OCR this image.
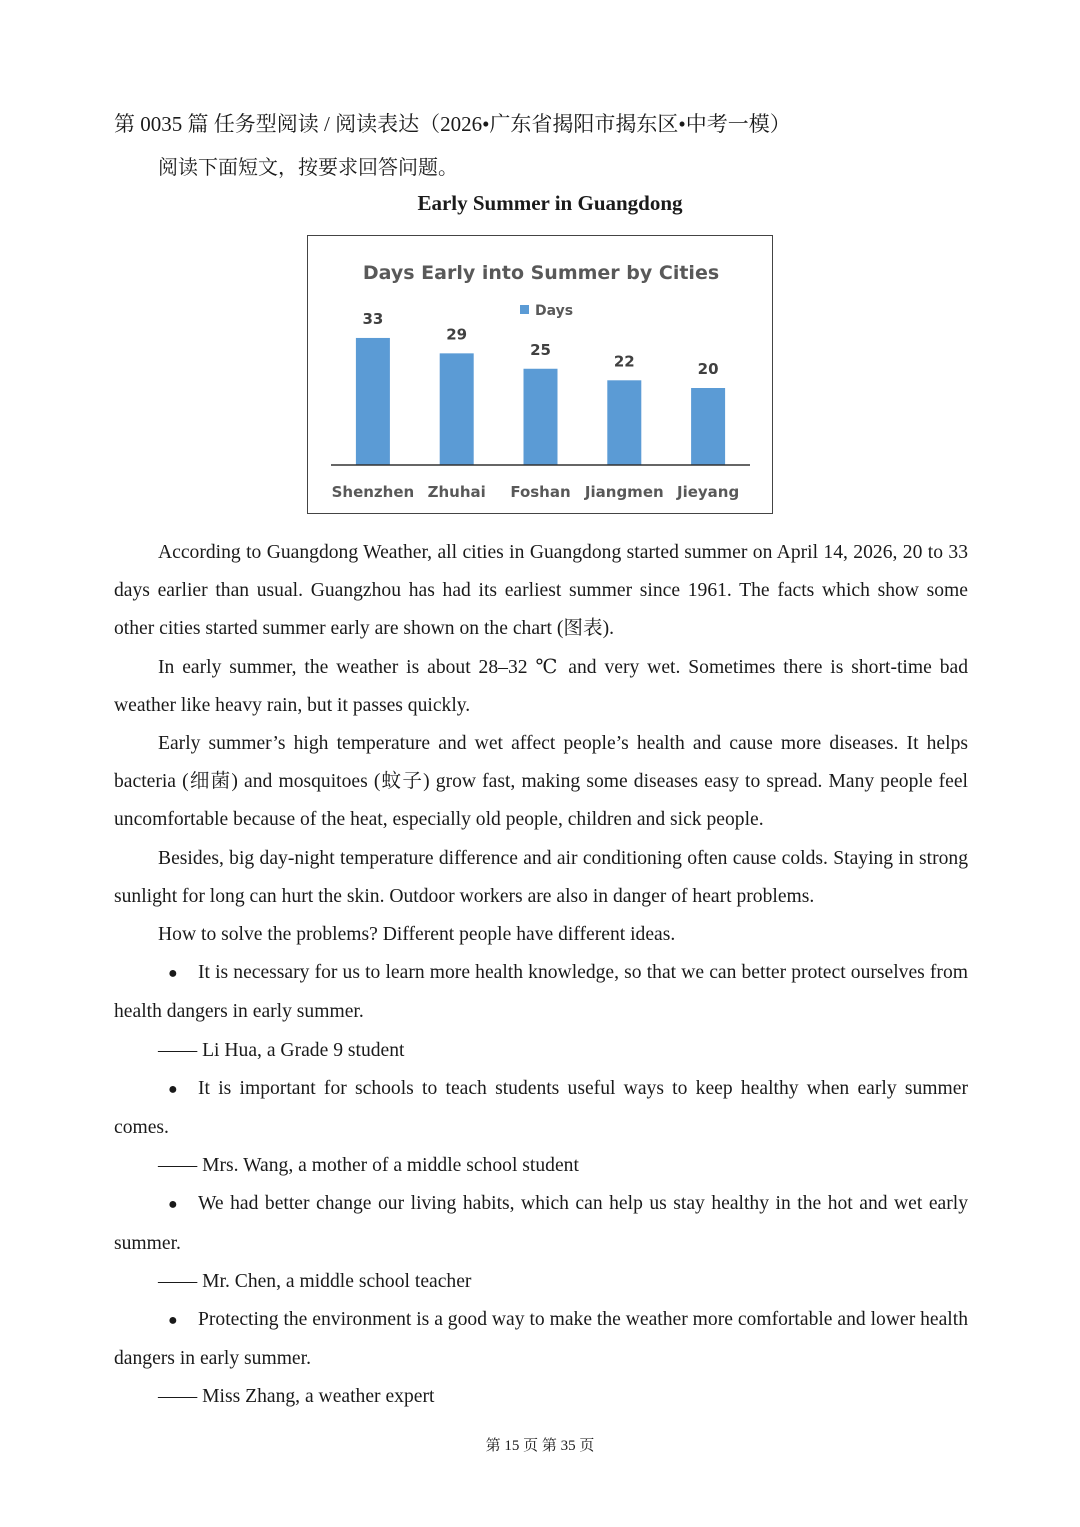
第 0035 篇 任务型阅读 / 阅读表达（2026•广东省揭阳市揭东区•中考一模）
阅读下面短文，按要求回答问题。
Early Summer in Guangdong
Days Early into Summer by Cities
Days
33
Shenzhen
29
Zhuhai
25
Foshan
22
Jiangmen
20
Jieyang

According to Guangdong Weather, all cities in Guangdong started summer on April 14, 2026, 20 to 33 days earlier than usual. Guangzhou has had its earliest summer since 1961. The facts which show some other cities started summer early are shown on the chart (图表).

In early summer, the weather is about 28–32 ℃ and very wet. Sometimes there is short-time bad weather like heavy rain, but it passes quickly.

Early summer’s high temperature and wet affect people’s health and cause more diseases. It helps bacteria (细菌) and mosquitoes (蚊子) grow fast, making some diseases easy to spread. Many people feel uncomfortable because of the heat, especially old people, children and sick people.

Besides, big day-night temperature difference and air conditioning often cause colds. Staying in strong sunlight for long can hurt the skin. Outdoor workers are also in danger of heart problems.

How to solve the problems? Different people have different ideas.

● It is necessary for us to learn more health knowledge, so that we can better protect ourselves from health dangers in early summer.

—— Li Hua, a Grade 9 student

● It is important for schools to teach students useful ways to keep healthy when early summer comes.

—— Mrs. Wang, a mother of a middle school student

● We had better change our living habits, which can help us stay healthy in the hot and wet early summer.

—— Mr. Chen, a middle school teacher

● Protecting the environment is a good way to make the weather more comfortable and lower health dangers in early summer.

—— Miss Zhang, a weather expert

第 15 页 第 35 页
